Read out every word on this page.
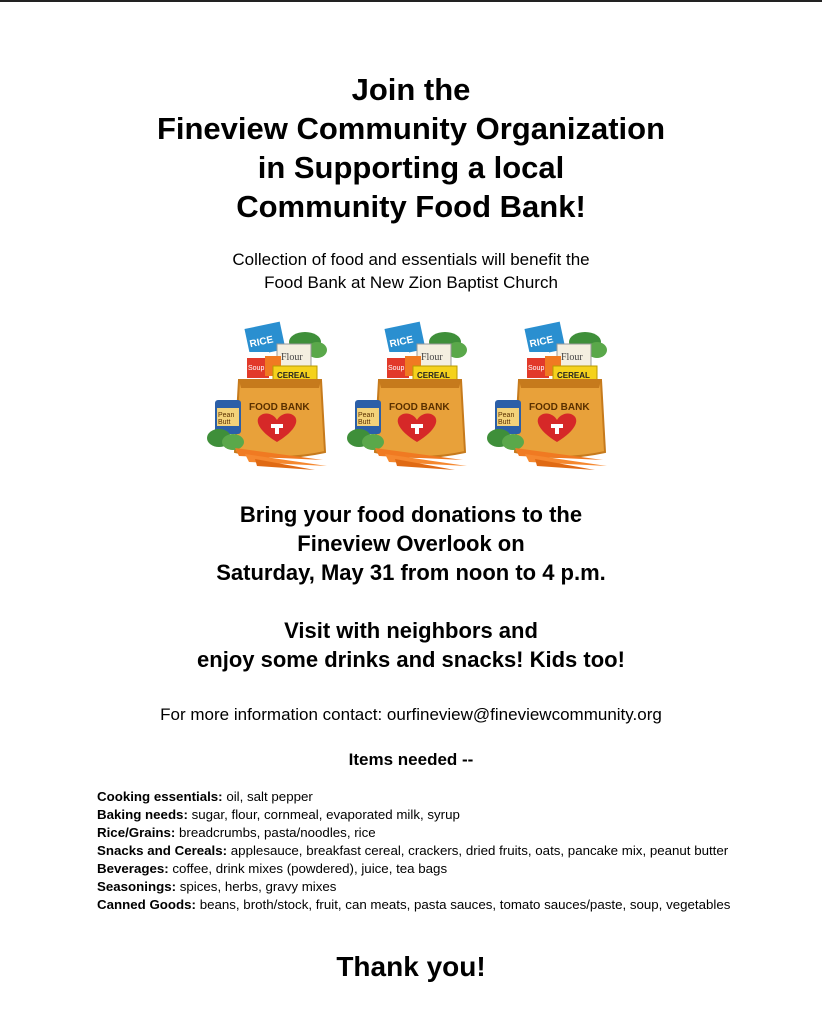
Join the
Fineview Community Organization
in Supporting a local
Community Food Bank!
Collection of food and essentials will benefit the
Food Bank at New Zion Baptist Church
RICE
Flour
Soup
CEREAL
FOOD BANK
Pean
Butt
RICE
Flour
Soup
CEREAL
FOOD BANK
Pean
Butt
RICE
Flour
Soup
CEREAL
FOOD BANK
Pean
Butt
Bring your food donations to the
Fineview Overlook on
Saturday, May 31 from noon to 4 p.m.
Visit with neighbors and
enjoy some drinks and snacks! Kids too!
For more information contact: ourfineview@fineviewcommunity.org
Items needed --
Cooking essentials: oil, salt pepper
Baking needs: sugar, flour, cornmeal, evaporated milk, syrup
Rice/Grains: breadcrumbs, pasta/noodles, rice
Snacks and Cereals: applesauce, breakfast cereal, crackers, dried fruits, oats, pancake mix, peanut butter
Beverages: coffee, drink mixes (powdered), juice, tea bags
Seasonings: spices, herbs, gravy mixes
Canned Goods: beans, broth/stock, fruit, can meats, pasta sauces, tomato sauces/paste, soup, vegetables
Thank you!
